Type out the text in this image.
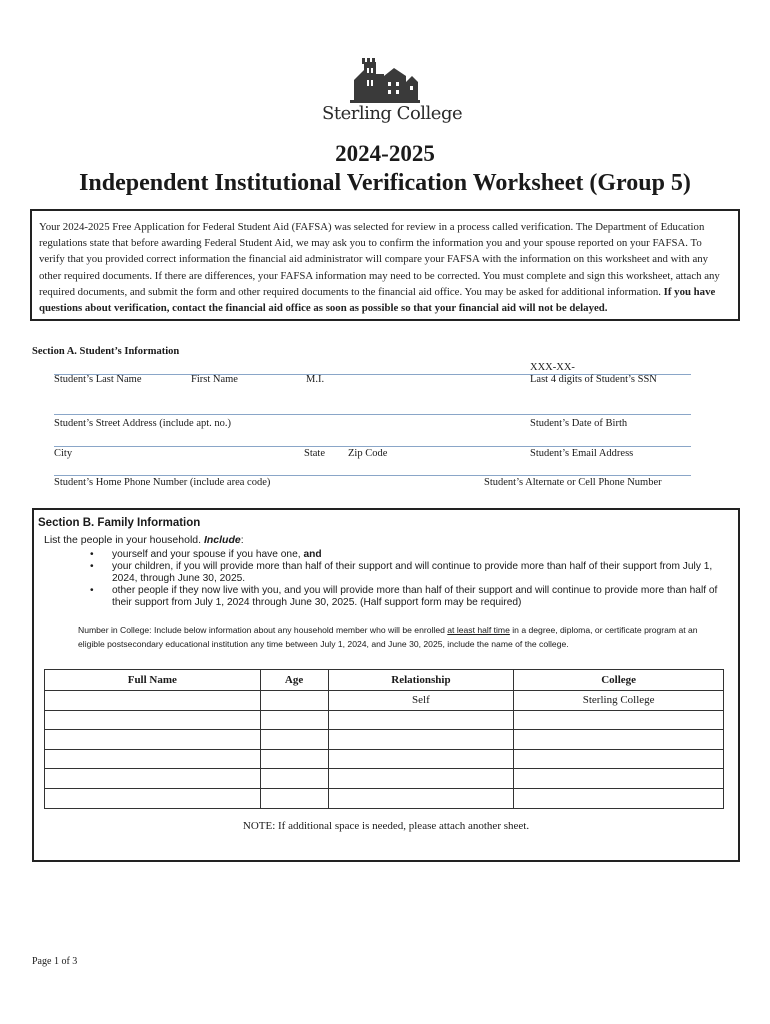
Sterling College
2024-2025
Independent Institutional Verification Worksheet (Group 5)
Your 2024-2025 Free Application for Federal Student Aid (FAFSA) was selected for review in a process called verification. The Department of Education regulations state that before awarding Federal Student Aid, we may ask you to confirm the information you and your spouse reported on your FAFSA. To verify that you provided correct information the financial aid administrator will compare your FAFSA with the information on this worksheet and with any other required documents. If there are differences, your FAFSA information may need to be corrected. You must complete and sign this worksheet, attach any required documents, and submit the form and other required documents to the financial aid office. You may be asked for additional information. If you have questions about verification, contact the financial aid office as soon as possible so that your financial aid will not be delayed.
Section A. Student’s Information
XXX-XX-
Student’s Last Name	First Name	M.I.	Last 4 digits of Student’s SSN
Student’s Street Address (include apt. no.)	Student’s Date of Birth
City	State Zip Code	Student’s Email Address
Student’s Home Phone Number (include area code)	Student’s Alternate or Cell Phone Number
Section B. Family Information
List the people in your household. Include:
• yourself and your spouse if you have one, and
• your children, if you will provide more than half of their support and will continue to provide more than half of their support from July 1, 2024, through June 30, 2025.
• other people if they now live with you, and you will provide more than half of their support and will continue to provide more than half of their support from July 1, 2024 through June 30, 2025. (Half support form may be required)
Number in College: Include below information about any household member who will be enrolled at least half time in a degree, diploma, or certificate program at an eligible postsecondary educational institution any time between July 1, 2024, and June 30, 2025, include the name of the college.
Full Name	Age	Relationship	College
		Self	Sterling College

NOTE: If additional space is needed, please attach another sheet.
Page 1 of 3
